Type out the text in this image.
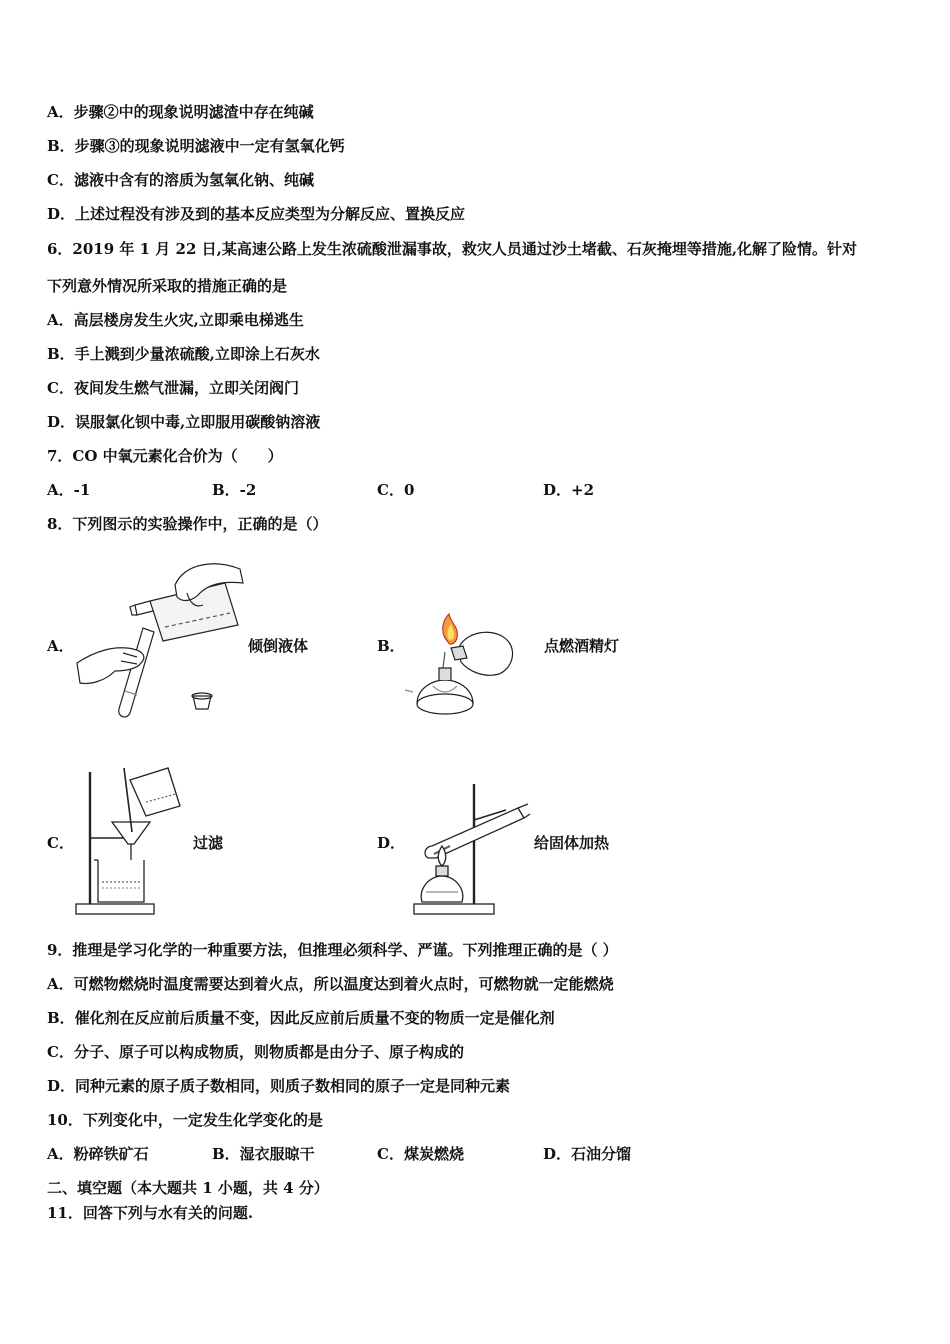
A．步骤②中的现象说明滤渣中存在纯碱
B．步骤③的现象说明滤液中一定有氢氧化钙
C．滤液中含有的溶质为氢氧化钠、纯碱
D．上述过程没有涉及到的基本反应类型为分解反应、置换反应
6．2019 年 1 月 22 日,某高速公路上发生浓硫酸泄漏事故，救灾人员通过沙土堵截、石灰掩埋等措施,化解了险情。针对
下列意外情况所采取的措施正确的是
A．高层楼房发生火灾,立即乘电梯逃生
B．手上溅到少量浓硫酸,立即涂上石灰水
C．夜间发生燃气泄漏，立即关闭阀门
D．误服氯化钡中毒,立即服用碳酸钠溶液
7．CO 中氧元素化合价为（　　）
A．-1	B．-2	C．0	D．+2
8．下列图示的实验操作中，正确的是（）
A．	倾倒液体	B．	点燃酒精灯
C．	过滤	D．	给固体加热
9．推理是学习化学的一种重要方法，但推理必须科学、严谨。下列推理正确的是（ ）
A．可燃物燃烧时温度需要达到着火点，所以温度达到着火点时，可燃物就一定能燃烧
B．催化剂在反应前后质量不变，因此反应前后质量不变的物质一定是催化剂
C．分子、原子可以构成物质，则物质都是由分子、原子构成的
D．同种元素的原子质子数相同，则质子数相同的原子一定是同种元素
10．下列变化中，一定发生化学变化的是
A．粉碎铁矿石	B．湿衣服晾干	C．煤炭燃烧	D．石油分馏
二、填空题（本大题共 1 小题，共 4 分）
11．回答下列与水有关的问题.
